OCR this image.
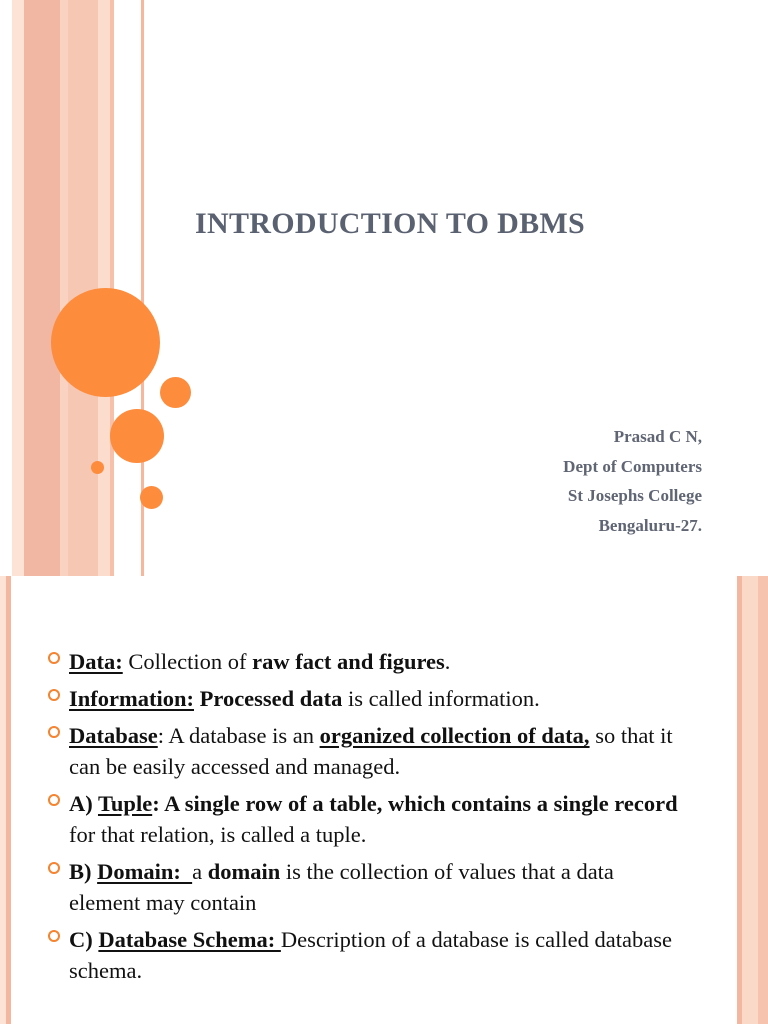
INTRODUCTION TO DBMS
Prasad C N,
Dept of Computers
St Josephs College
Bengaluru-27.
Data: Collection of raw fact and figures.
Information: Processed data is called information.
Database: A database is an organized collection of data, so that it can be easily accessed and managed.
A) Tuple: A single row of a table, which contains a single record for that relation, is called a tuple.
B) Domain:  a domain is the collection of values that a data element may contain
C) Database Schema: Description of a database is called database schema.
